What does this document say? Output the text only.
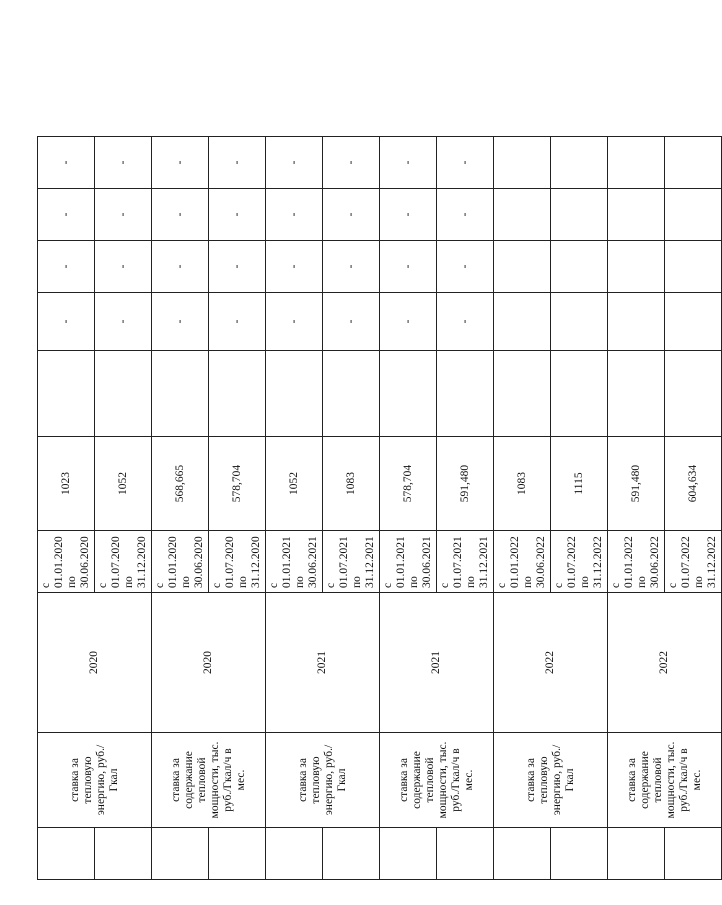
	ставка за тепловую энергию, руб./Гкал	2020	с 01.01.2020 по 30.06.2020	1023		-	-	-	-

			с 01.07.2020 по 31.12.2020	1052		-	-	-	-
	ставка за содержание тепловой мощности, тыс. руб./Гкал/ч в мес.	2020	с 01.01.2020 по 30.06.2020	568,665		-	-	-	-

			с 01.07.2020 по 31.12.2020	578,704		-	-	-	-
	ставка за тепловую энергию, руб./Гкал	2021	с 01.01.2021 по 30.06.2021	1052		-	-	-	-

			с 01.07.2021 по 31.12.2021	1083		-	-	-	-
	ставка за содержание тепловой мощности, тыс. руб./Гкал/ч в мес.	2021	с 01.01.2021 по 30.06.2021	578,704		-	-	-	-

			с 01.07.2021 по 31.12.2021	591,480		-	-	-	-
	ставка за тепловую энергию, руб./Гкал	2022	с 01.01.2022 по 30.06.2022	1083					

			с 01.07.2022 по 31.12.2022	1115					
	ставка за содержание тепловой мощности, тыс. руб./Гкал/ч в мес.	2022	с 01.01.2022 по 30.06.2022	591,480					

			с 01.07.2022 по 31.12.2022	604,634					
